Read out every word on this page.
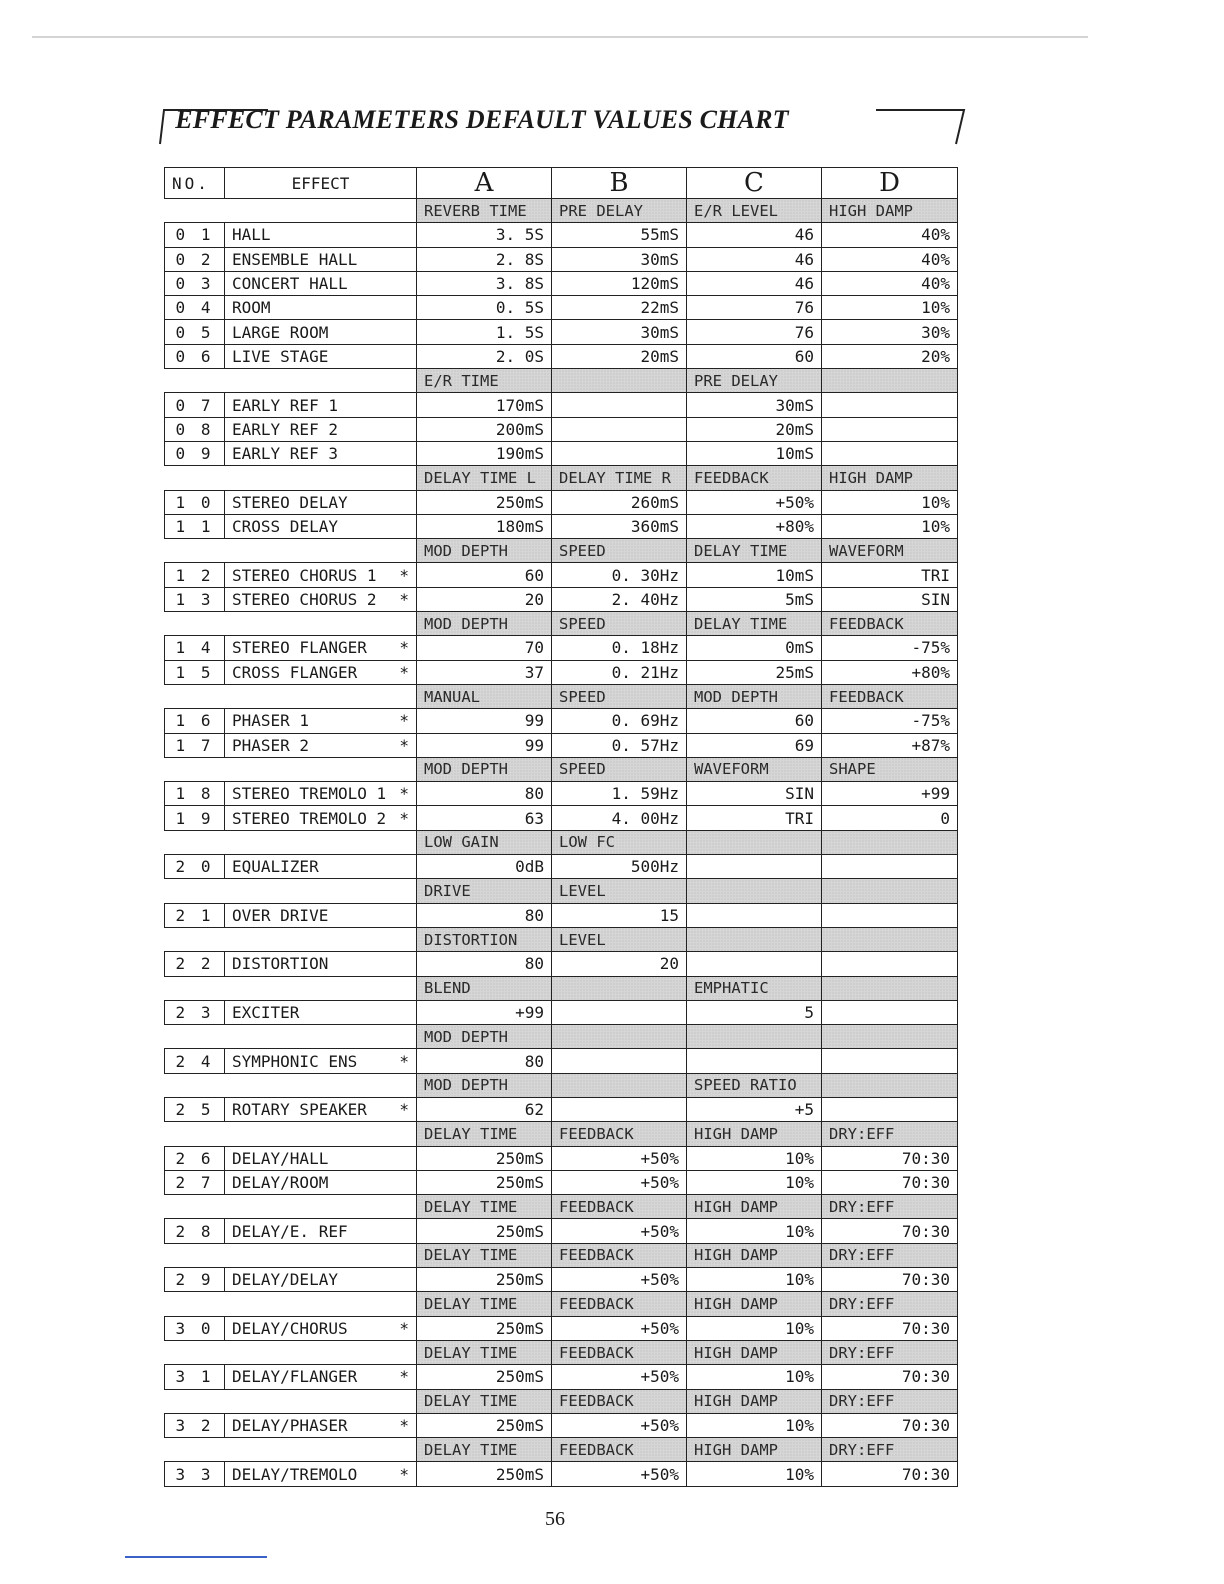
EFFECT PARAMETERS DEFAULT VALUES CHART
NO.	EFFECT	A	B	C	D
		REVERB TIME	PRE DELAY	E/R LEVEL	HIGH DAMP
0 1	HALL	3. 5S	55mS	46	40%
0 2	ENSEMBLE HALL	2. 8S	30mS	46	40%
0 3	CONCERT HALL	3. 8S	120mS	46	40%
0 4	ROOM	0. 5S	22mS	76	10%
0 5	LARGE ROOM	1. 5S	30mS	76	30%
0 6	LIVE STAGE	2. 0S	20mS	60	20%
		E/R TIME		PRE DELAY	
0 7	EARLY REF 1	170mS		30mS	
0 8	EARLY REF 2	200mS		20mS	
0 9	EARLY REF 3	190mS		10mS	
		DELAY TIME L	DELAY TIME R	FEEDBACK	HIGH DAMP
1 0	STEREO DELAY	250mS	260mS	+50%	10%
1 1	CROSS DELAY	180mS	360mS	+80%	10%
		MOD DEPTH	SPEED	DELAY TIME	WAVEFORM
1 2	STEREO CHORUS 1 *	60	0. 30Hz	10mS	TRI
1 3	STEREO CHORUS 2 *	20	2. 40Hz	5mS	SIN
		MOD DEPTH	SPEED	DELAY TIME	FEEDBACK
1 4	STEREO FLANGER *	70	0. 18Hz	0mS	-75%
1 5	CROSS FLANGER *	37	0. 21Hz	25mS	+80%
		MANUAL	SPEED	MOD DEPTH	FEEDBACK
1 6	PHASER 1 *	99	0. 69Hz	60	-75%
1 7	PHASER 2 *	99	0. 57Hz	69	+87%
		MOD DEPTH	SPEED	WAVEFORM	SHAPE
1 8	STEREO TREMOLO 1 *	80	1. 59Hz	SIN	+99
1 9	STEREO TREMOLO 2 *	63	4. 00Hz	TRI	0
		LOW GAIN	LOW FC		
2 0	EQUALIZER	0dB	500Hz		
		DRIVE	LEVEL		
2 1	OVER DRIVE	80	15		
		DISTORTION	LEVEL		
2 2	DISTORTION	80	20		
		BLEND		EMPHATIC	
2 3	EXCITER	+99		5	
		MOD DEPTH			
2 4	SYMPHONIC ENS *	80			
		MOD DEPTH		SPEED RATIO	
2 5	ROTARY SPEAKER *	62		+5	
		DELAY TIME	FEEDBACK	HIGH DAMP	DRY:EFF
2 6	DELAY/HALL	250mS	+50%	10%	70:30
2 7	DELAY/ROOM	250mS	+50%	10%	70:30
		DELAY TIME	FEEDBACK	HIGH DAMP	DRY:EFF
2 8	DELAY/E. REF	250mS	+50%	10%	70:30
		DELAY TIME	FEEDBACK	HIGH DAMP	DRY:EFF
2 9	DELAY/DELAY	250mS	+50%	10%	70:30
		DELAY TIME	FEEDBACK	HIGH DAMP	DRY:EFF
3 0	DELAY/CHORUS *	250mS	+50%	10%	70:30
		DELAY TIME	FEEDBACK	HIGH DAMP	DRY:EFF
3 1	DELAY/FLANGER *	250mS	+50%	10%	70:30
		DELAY TIME	FEEDBACK	HIGH DAMP	DRY:EFF
3 2	DELAY/PHASER *	250mS	+50%	10%	70:30
		DELAY TIME	FEEDBACK	HIGH DAMP	DRY:EFF
3 3	DELAY/TREMOLO *	250mS	+50%	10%	70:30
56
